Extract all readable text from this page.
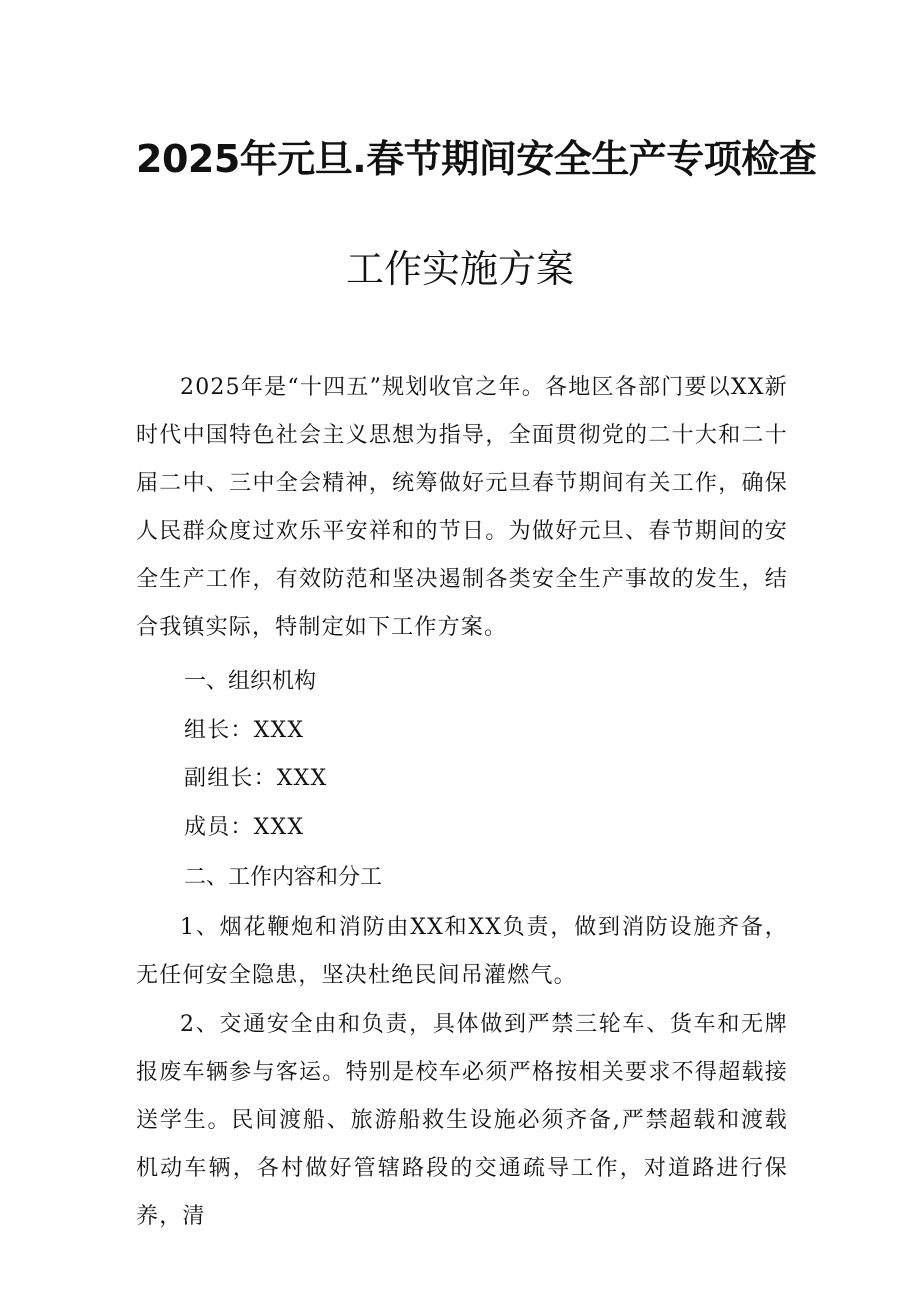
2025年元旦.春节期间安全生产专项检查
工作实施方案

2025年是“十四五”规划收官之年。各地区各部门要以XX新时代中国特色社会主义思想为指导，全面贯彻党的二十大和二十届二中、三中全会精神，统筹做好元旦春节期间有关工作，确保人民群众度过欢乐平安祥和的节日。为做好元旦、春节期间的安全生产工作，有效防范和坚决遏制各类安全生产事故的发生，结合我镇实际，特制定如下工作方案。

一、组织机构
组长：XXX
副组长：XXX
成员：XXX
二、工作内容和分工

1、烟花鞭炮和消防由XX和XX负责，做到消防设施齐备，无任何安全隐患，坚决杜绝民间吊灌燃气。

2、交通安全由和负责，具体做到严禁三轮车、货车和无牌报废车辆参与客运。特别是校车必须严格按相关要求不得超载接送学生。民间渡船、旅游船救生设施必须齐备,严禁超载和渡载机动车辆，各村做好管辖路段的交通疏导工作，对道路进行保养，清
